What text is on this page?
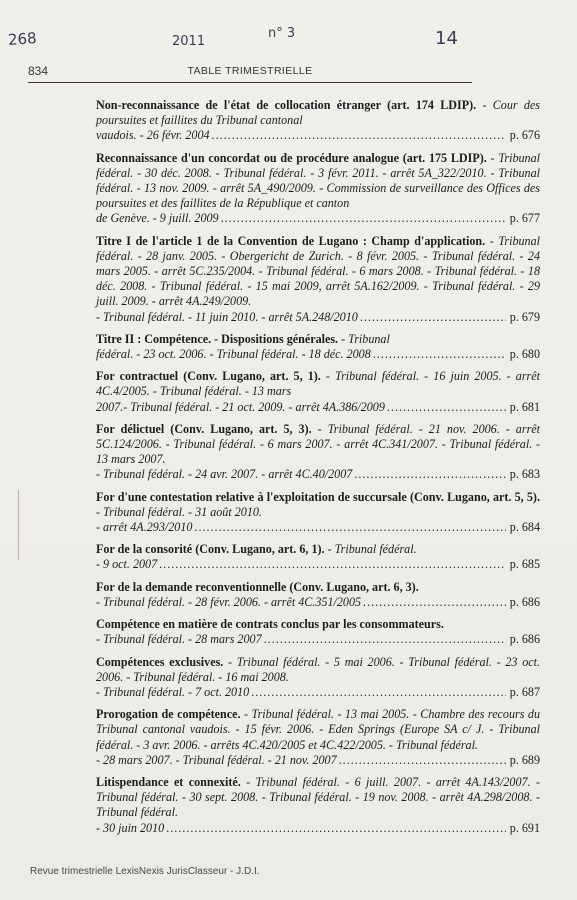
268	2011
n° 3	14
834	TABLE TRIMESTRIELLE
Non-reconnaissance de l'état de collocation étranger (art. 174 LDIP). - Cour des poursuites et faillites du Tribunal cantonal
vaudois. - 26 févr. 2004 .....	p. 676
Reconnaissance d'un concordat ou de procédure analogue (art. 175 LDIP). - Tribunal fédéral. - 30 déc. 2008. - Tribunal fédéral. - 3 févr. 2011. - arrêt 5A_322/2010. - Tribunal fédéral. - 13 nov. 2009. - arrêt 5A_490/2009. - Commission de surveillance des Offices des poursuites et des faillites de la République et canton
de Genève. - 9 juill. 2009 .....	p. 677
Titre I de l'article 1 de la Convention de Lugano : Champ d'application. - Tribunal fédéral. - 28 janv. 2005. - Obergericht de Zurich. - 8 févr. 2005. - Tribunal fédéral. - 24 mars 2005. - arrêt 5C.235/2004. - Tribunal fédéral. - 6 mars 2008. - Tribunal fédéral. - 18 déc. 2008. - Tribunal fédéral. - 15 mai 2009, arrêt 5A.162/2009. - Tribunal fédéral. - 29 juill. 2009. - arrêt 4A.249/2009.
- Tribunal fédéral. - 11 juin 2010. - arrêt 5A.248/2010 .....	p. 679
Titre II : Compétence. - Dispositions générales. - Tribunal
fédéral. - 23 oct. 2006. - Tribunal fédéral. - 18 déc. 2008 .....	p. 680
For contractuel (Conv. Lugano, art. 5, 1). - Tribunal fédéral. - 16 juin 2005. - arrêt 4C.4/2005. - Tribunal fédéral. - 13 mars
2007.- Tribunal fédéral. - 21 oct. 2009. - arrêt 4A.386/2009 .....	p. 681
For délictuel (Conv. Lugano, art. 5, 3). - Tribunal fédéral. - 21 nov. 2006. - arrêt 5C.124/2006. - Tribunal fédéral. - 6 mars 2007. - arrêt 4C.341/2007. - Tribunal fédéral. - 13 mars 2007.
- Tribunal fédéral. - 24 avr. 2007. - arrêt 4C.40/2007 .....	p. 683
For d'une contestation relative à l'exploitation de succursale (Conv. Lugano, art. 5, 5). - Tribunal fédéral. - 31 août 2010.
- arrêt 4A.293/2010 .....	p. 684
For de la consorité (Conv. Lugano, art. 6, 1). - Tribunal fédéral.
- 9 oct. 2007 .....	p. 685
For de la demande reconventionnelle (Conv. Lugano, art. 6, 3).
- Tribunal fédéral. - 28 févr. 2006. - arrêt 4C.351/2005 .....	p. 686
Compétence en matière de contrats conclus par les consommateurs.
- Tribunal fédéral. - 28 mars 2007 .....	p. 686
Compétences exclusives. - Tribunal fédéral. - 5 mai 2006. - Tribunal fédéral. - 23 oct. 2006. - Tribunal fédéral. - 16 mai 2008.
- Tribunal fédéral. - 7 oct. 2010 .....	p. 687
Prorogation de compétence. - Tribunal fédéral. - 13 mai 2005. - Chambre des recours du Tribunal cantonal vaudois. - 15 févr. 2006. - Eden Springs (Europe SA c/ J. - Tribunal fédéral. - 3 avr. 2006. - arrêts 4C.420/2005 et 4C.422/2005. - Tribunal fédéral.
- 28 mars 2007. - Tribunal fédéral. - 21 nov. 2007 .....	p. 689
Litispendance et connexité. - Tribunal fédéral. - 6 juill. 2007. - arrêt 4A.143/2007. - Tribunal fédéral. - 30 sept. 2008. - Tribunal fédéral. - 19 nov. 2008. - arrêt 4A.298/2008. - Tribunal fédéral.
- 30 juin 2010 .....	p. 691
Revue trimestrielle LexisNexis JurisClasseur - J.D.I.
